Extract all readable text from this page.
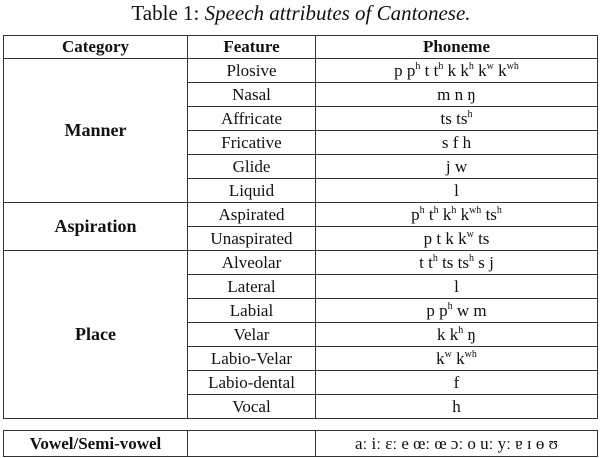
Table 1: Speech attributes of Cantonese.
Category	Feature	Phoneme
Manner	Plosive	p $p^h$ t $t^h$ k $k^h$ $k^w$ $k^{wh}$
	Nasal	m n ŋ
	Affricate	ts $ts^h$
	Fricative	s f h
	Glide	j w
	Liquid	l
Aspiration	Aspirated	$p^h$ $t^h$ $k^h$ $k^{wh}$ $ts^h$
	Unaspirated	p t k $k^w$ ts
Place	Alveolar	t $t^h$ ts $ts^h$ s j
	Lateral	l
	Labial	p $p^h$ w m
	Velar	k $k^h$ ŋ
	Labio-Velar	$k^w$ $k^{wh}$
	Labio-dental	f
	Vocal	h
Vowel/Semi-vowel		aː iː ɛː e œː œ ɔː o uː yː ɐ ɪ ɵ ʊ
